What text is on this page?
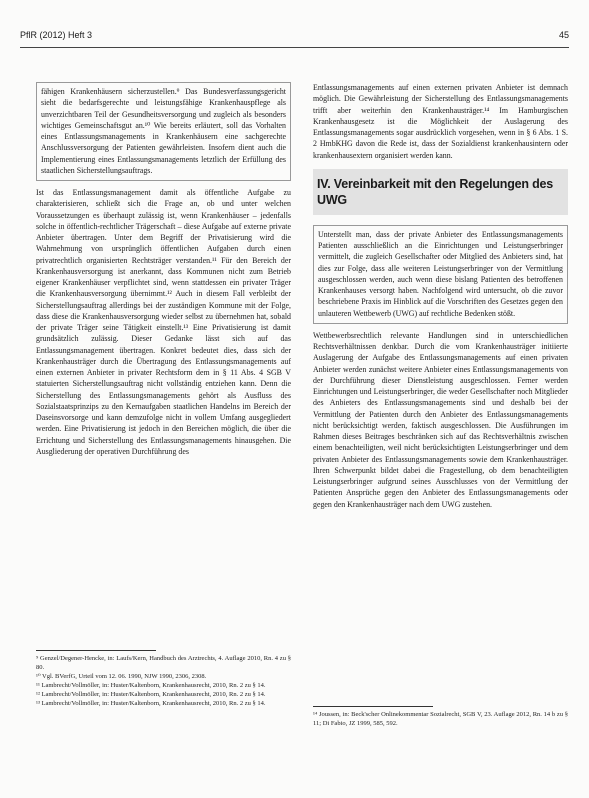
PflR (2012) Heft 3	45

fähigen Krankenhäusern sicherzustellen.⁹ Das Bundesverfassungsgericht sieht die bedarfsgerechte und leistungsfähige Krankenhauspflege als unverzichtbaren Teil der Gesundheitsversorgung und zugleich als besonders wichtiges Gemeinschaftsgut an.¹⁰ Wie bereits erläutert, soll das Vorhalten eines Entlassungsmanagements in Krankenhäusern eine sachgerechte Anschlussversorgung der Patienten gewährleisten. Insofern dient auch die Implementierung eines Entlassungsmanagements letztlich der Erfüllung des staatlichen Sicherstellungsauftrags.

Ist das Entlassungsmanagement damit als öffentliche Aufgabe zu charakterisieren, schließt sich die Frage an, ob und unter welchen Voraussetzungen es überhaupt zulässig ist, wenn Krankenhäuser – jedenfalls solche in öffentlich-rechtlicher Trägerschaft – diese Aufgabe auf externe private Anbieter übertragen. Unter dem Begriff der Privatisierung wird die Wahrnehmung von ursprünglich öffentlichen Aufgaben durch einen privatrechtlich organisierten Rechtsträger verstanden.¹¹ Für den Bereich der Krankenhausversorgung ist anerkannt, dass Kommunen nicht zum Betrieb eigener Krankenhäuser verpflichtet sind, wenn stattdessen ein privater Träger die Krankenhausversorgung übernimmt.¹² Auch in diesem Fall verbleibt der Sicherstellungsauftrag allerdings bei der zuständigen Kommune mit der Folge, dass diese die Krankenhausversorgung wieder selbst zu übernehmen hat, sobald der private Träger seine Tätigkeit einstellt.¹³ Eine Privatisierung ist damit grundsätzlich zulässig. Dieser Gedanke lässt sich auf das Entlassungsmanagement übertragen. Konkret bedeutet dies, dass sich der Krankenhausträger durch die Übertragung des Entlassungsmanagements auf einen externen Anbieter in privater Rechtsform dem in § 11 Abs. 4 SGB V statuierten Sicherstellungsauftrag nicht vollständig entziehen kann. Denn die Sicherstellung des Entlassungsmanagements gehört als Ausfluss des Sozialstaatsprinzips zu den Kernaufgaben staatlichen Handelns im Bereich der Daseinsvorsorge und kann demzufolge nicht in vollem Umfang ausgegliedert werden. Eine Privatisierung ist jedoch in den Bereichen möglich, die über die Errichtung und Sicherstellung des Entlassungsmanagements hinausgehen. Die Ausgliederung der operativen Durchführung des

Entlassungsmanagements auf einen externen privaten Anbieter ist demnach möglich. Die Gewährleistung der Sicherstellung des Entlassungsmanagements trifft aber weiterhin den Krankenhausträger.¹⁴ Im Hamburgischen Krankenhausgesetz ist die Möglichkeit der Auslagerung des Entlassungsmanagements sogar ausdrücklich vorgesehen, wenn in § 6 Abs. 1 S. 2 HmbKHG davon die Rede ist, dass der Sozialdienst krankenhausintern oder krankenhausextern organisiert werden kann.

IV. Vereinbarkeit mit den Regelungen des UWG

Unterstellt man, dass der private Anbieter des Entlassungsmanagements Patienten ausschließlich an die Einrichtungen und Leistungserbringer vermittelt, die zugleich Gesellschafter oder Mitglied des Anbieters sind, hat dies zur Folge, dass alle weiteren Leistungserbringer von der Vermittlung ausgeschlossen werden, auch wenn diese bislang Patienten des betroffenen Krankenhauses versorgt haben. Nachfolgend wird untersucht, ob die zuvor beschriebene Praxis im Hinblick auf die Vorschriften des Gesetzes gegen den unlauteren Wettbewerb (UWG) auf rechtliche Bedenken stößt.

Wettbewerbsrechtlich relevante Handlungen sind in unterschiedlichen Rechtsverhältnissen denkbar. Durch die vom Krankenhausträger initiierte Auslagerung der Aufgabe des Entlassungsmanagements auf einen privaten Anbieter werden zunächst weitere Anbieter eines Entlassungsmanagements von der Durchführung dieser Dienstleistung ausgeschlossen. Ferner werden Einrichtungen und Leistungserbringer, die weder Gesellschafter noch Mitglieder des Anbieters des Entlassungsmanagements sind und deshalb bei der Vermittlung der Patienten durch den Anbieter des Entlassungsmanagements nicht berücksichtigt werden, faktisch ausgeschlossen. Die Ausführungen im Rahmen dieses Beitrages beschränken sich auf das Rechtsverhältnis zwischen einem benachteiligten, weil nicht berücksichtigten Leistungserbringer und dem privaten Anbieter des Entlassungsmanagements sowie dem Krankenhausträger. Ihren Schwerpunkt bildet dabei die Fragestellung, ob dem benachteiligten Leistungserbringer aufgrund seines Ausschlusses von der Vermittlung der Patienten Ansprüche gegen den Anbieter des Entlassungsmanagements oder gegen den Krankenhausträger nach dem UWG zustehen.

⁹ Genzel/Degener-Hencke, in: Laufs/Kern, Handbuch des Arztrechts, 4. Auflage 2010, Rn. 4 zu § 80.

¹⁰ Vgl. BVerfG, Urteil vom 12. 06. 1990, NJW 1990, 2306, 2308.

¹¹ Lambrecht/Vollmöller, in: Huster/Kaltenborn, Krankenhausrecht, 2010, Rn. 2 zu § 14.

¹² Lambrecht/Vollmöller, in: Huster/Kaltenborn, Krankenhausrecht, 2010, Rn. 2 zu § 14.

¹³ Lambrecht/Vollmöller, in: Huster/Kaltenborn, Krankenhausrecht, 2010, Rn. 2 zu § 14.

¹⁴ Joussen, in: Beck'scher Onlinekommentar Sozialrecht, SGB V, 23. Auflage 2012, Rn. 14 b zu § 11; Di Fabio, JZ 1999, 585, 592.
